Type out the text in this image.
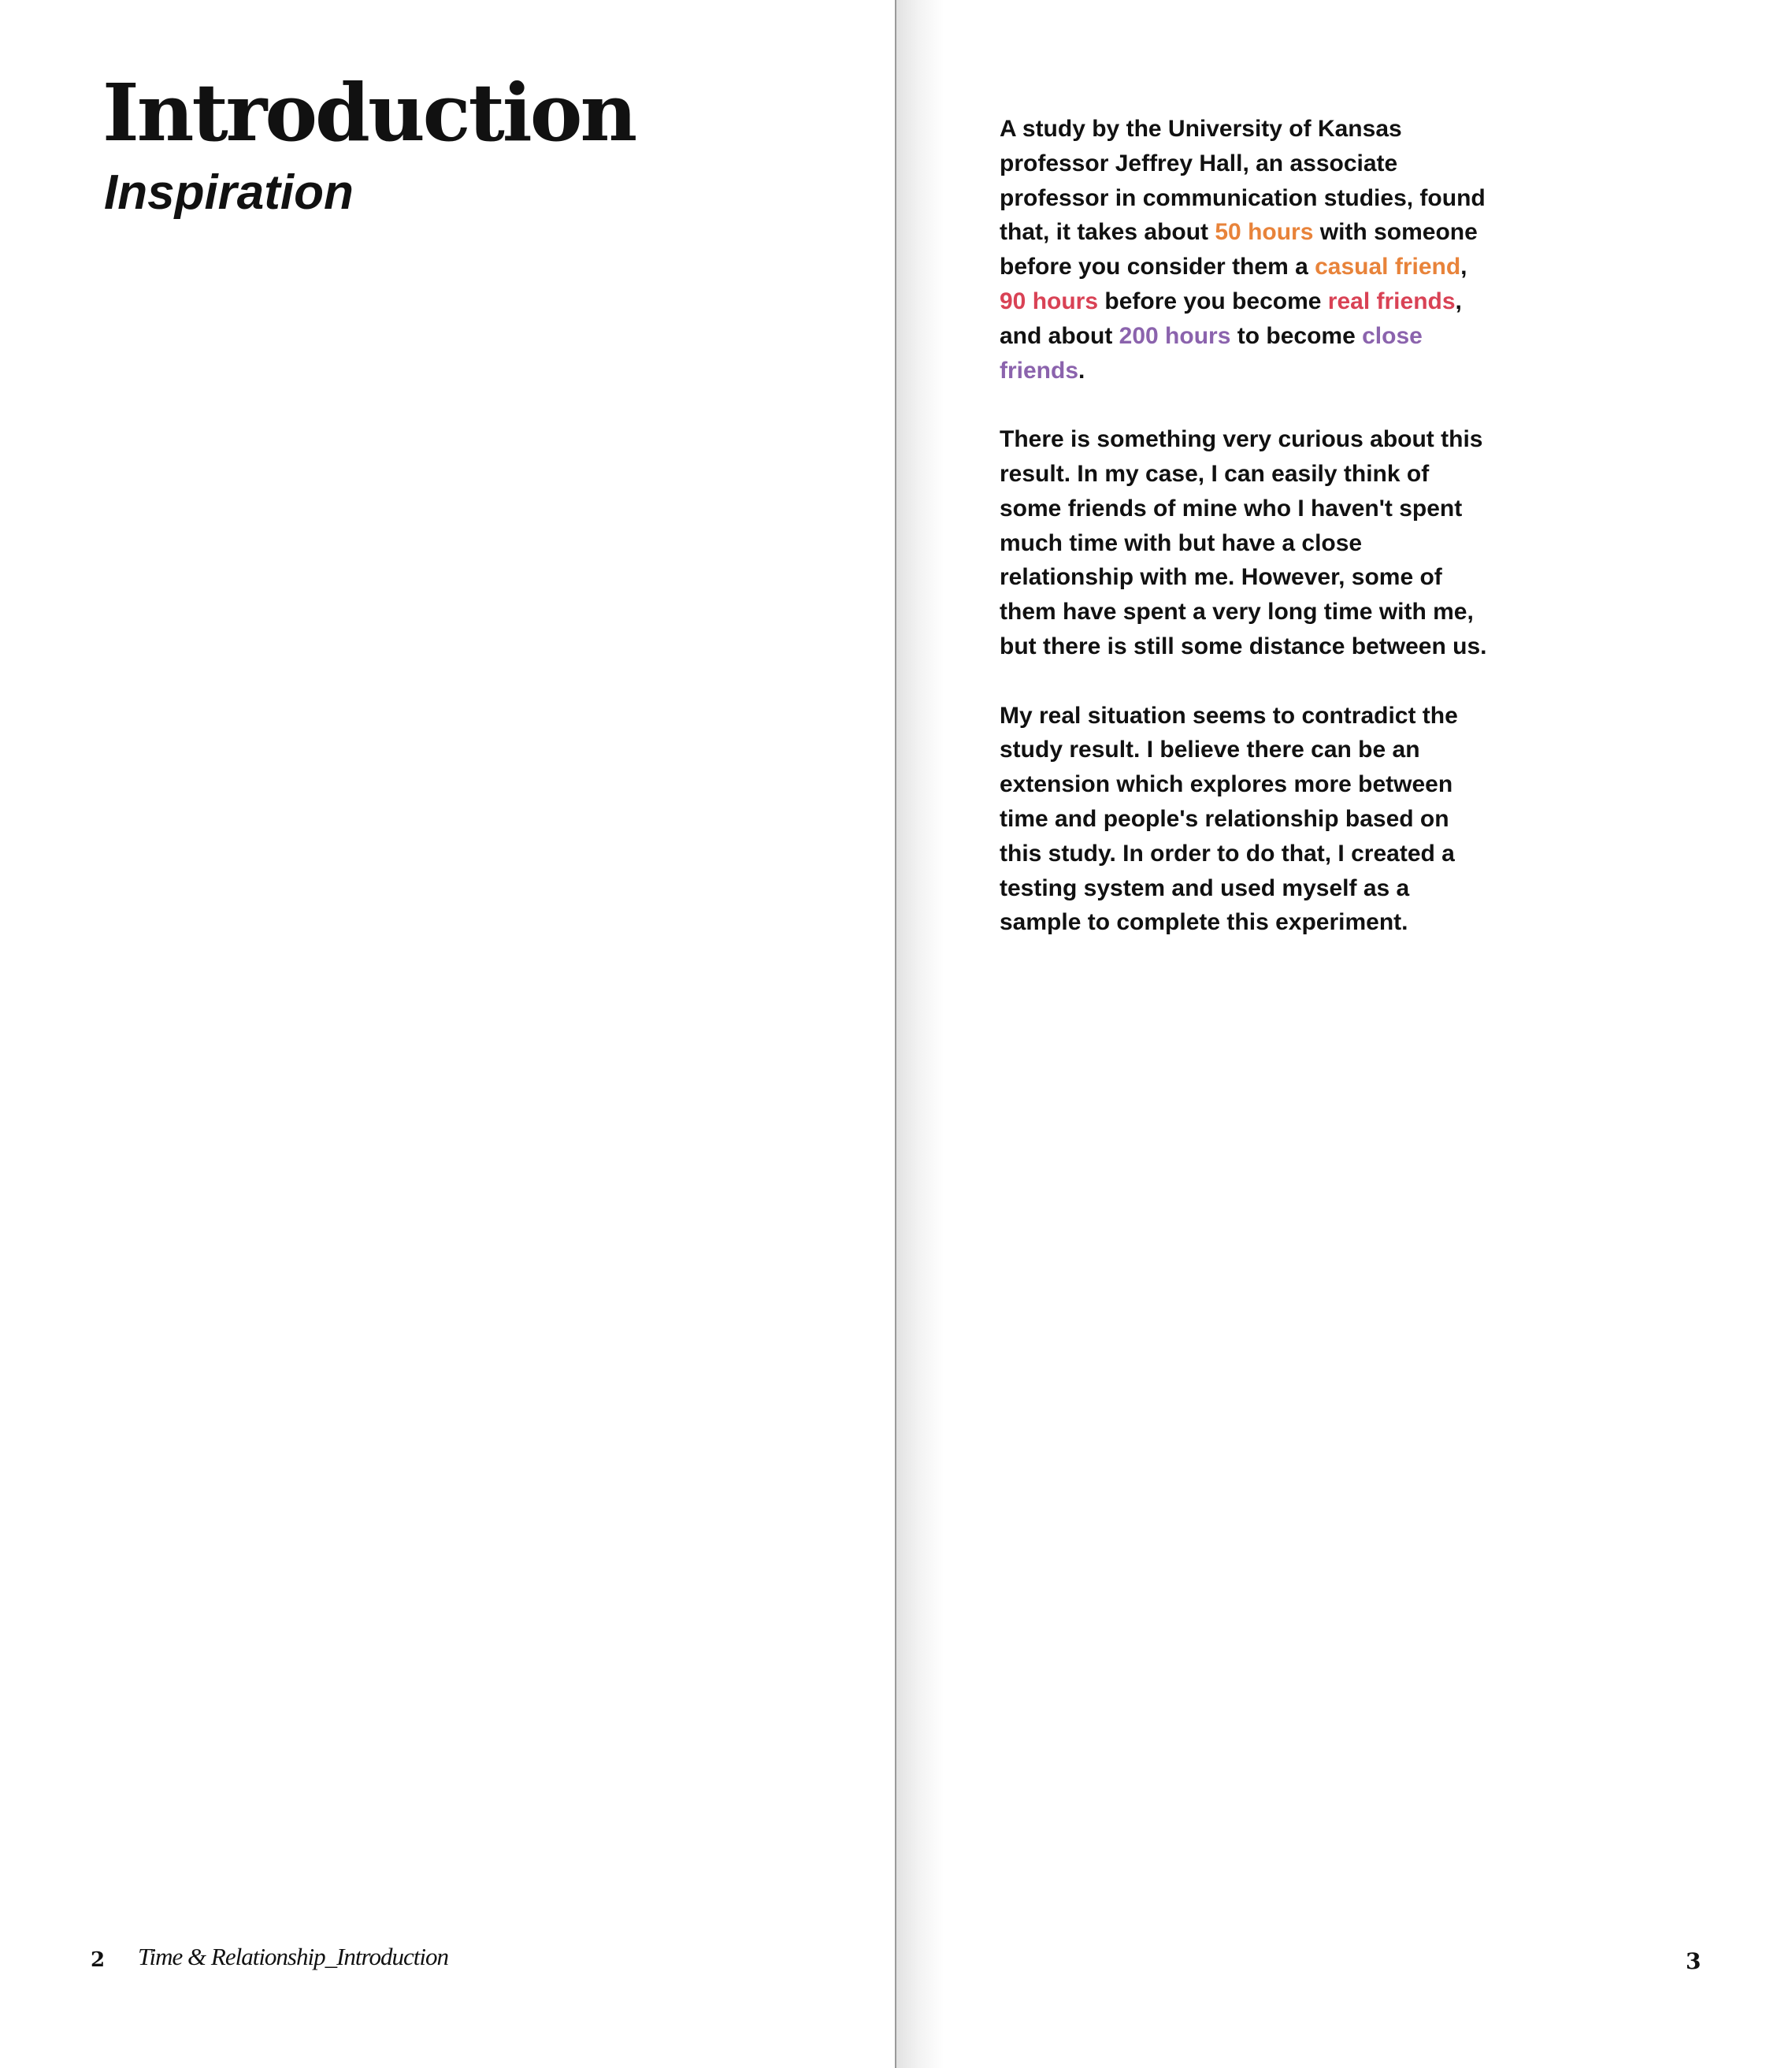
Introduction
Inspiration

A study by the University of Kansas professor Jeffrey Hall, an associate professor in communication studies, found that, it takes about 50 hours with someone before you consider them a casual friend, 90 hours before you become real friends, and about 200 hours to become close friends.

There is something very curious about this result. In my case, I can easily think of some friends of mine who I haven't spent much time with but have a close relationship with me. However, some of them have spent a very long time with me, but there is still some distance between us.

My real situation seems to contradict the study result. I believe there can be an extension which explores more between time and people's relationship based on this study. In order to do that, I created a testing system and used myself as a sample to complete this experiment.

2 Time & Relationship_Introduction	3
